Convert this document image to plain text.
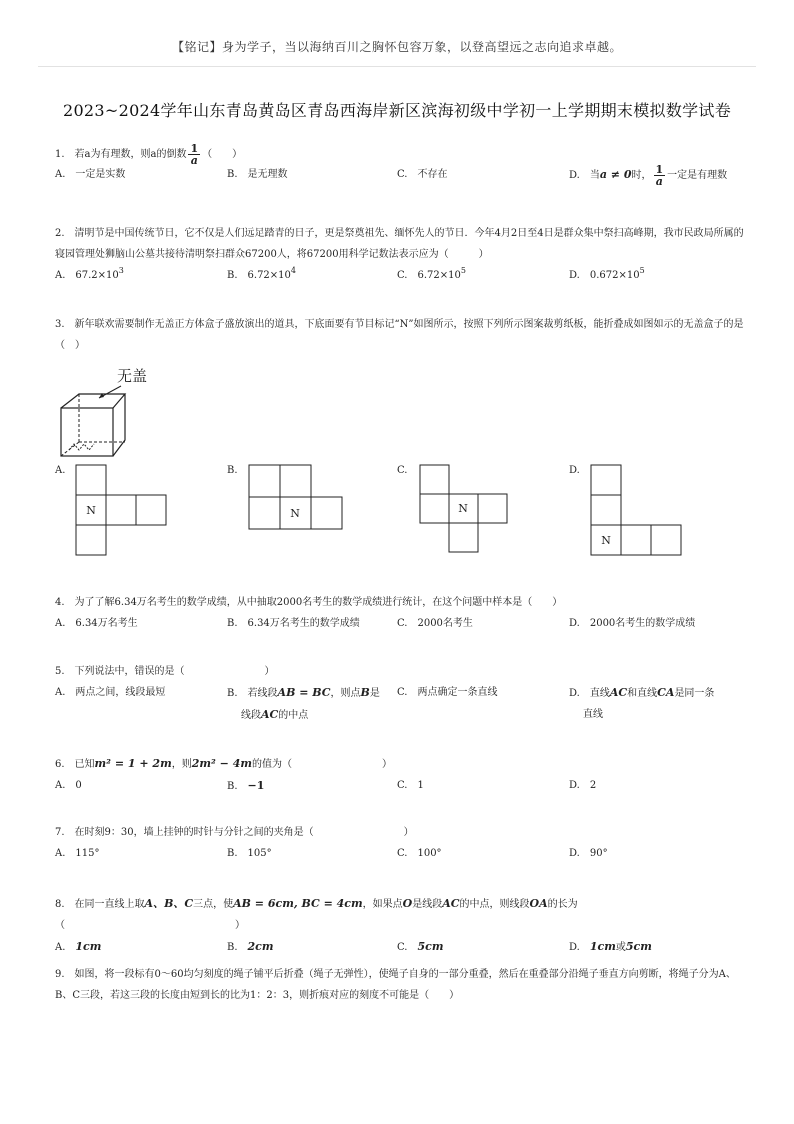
【铭记】身为学子，当以海纳百川之胸怀包容万象，以登高望远之志向追求卓越。
2023~2024学年山东青岛黄岛区青岛西海岸新区滨海初级中学初一上学期期末模拟数学试卷

1.　若a为有理数，则a的倒数 $\frac{1}{a}$ （　　）

A.　一定是实数	B.　是无理数	C.　不存在	D.　当a ≠ 0时， $\frac{1}{a}$ 一定是有理数

2.　清明节是中国传统节日，它不仅是人们远足踏青的日子，更是祭奠祖先、缅怀先人的节日．今年4月2日至4日是群众集中祭扫高峰期，我市民政局所属的寝园管理处狮脑山公墓共接待清明祭扫群众67200人，将67200用科学记数法表示应为（　　　）

A.　$67.2\times 10^3$	B.　$6.72\times 10^4$	C.　$6.72\times 10^5$	D.　$0.672\times 10^5$

3.　新年联欢需要制作无盖正方体盒子盛放演出的道具，下底面要有节目标记“N”如图所示，按照下列所示图案裁剪纸板，能折叠成如图如示的无盖盒子的是（　）

无盖
A.
N
B.
N
C.
N
D.
N

4.　为了了解6.34万名考生的数学成绩，从中抽取2000名考生的数学成绩进行统计，在这个问题中样本是（　　）

A.　6.34万名考生	B.　6.34万名考生的数学成绩	C.　2000名考生	D.　2000名考生的数学成绩

5.　下列说法中，错误的是（　　　　　　　　）

A.　两点之间，线段最短	B.　若线段AB = BC，则点B是
线段AC的中点
C.　两点确定一条直线	D.　直线AC和直线CA是同一条
直线

6.　已知m² = 1 + 2m，则2m² − 4m的值为（　　　　　　　　　）

A.　0	B.　−1	C.　1	D.　2

7.　在时刻9：30，墙上挂钟的时针与分针之间的夹角是（　　　　　　　　　）

A.　115°	B.　105°	C.　100°	D.　90°

8.　在同一直线上取A、B、C三点，使AB = 6cm, BC = 4cm，如果点O是线段AC的中点，则线段OA的长为（　　　　　　　　　　　　　　　　　）

A.　1cm	B.　2cm	C.　5cm	D.　1cm或5cm

9.　如图，将一段标有0～60均匀刻度的绳子铺平后折叠（绳子无弹性），使绳子自身的一部分重叠，然后在重叠部分沿绳子垂直方向剪断，将绳子分为A、B、C三段，若这三段的长度由短到长的比为1：2：3，则折痕对应的刻度不可能是（　　）
